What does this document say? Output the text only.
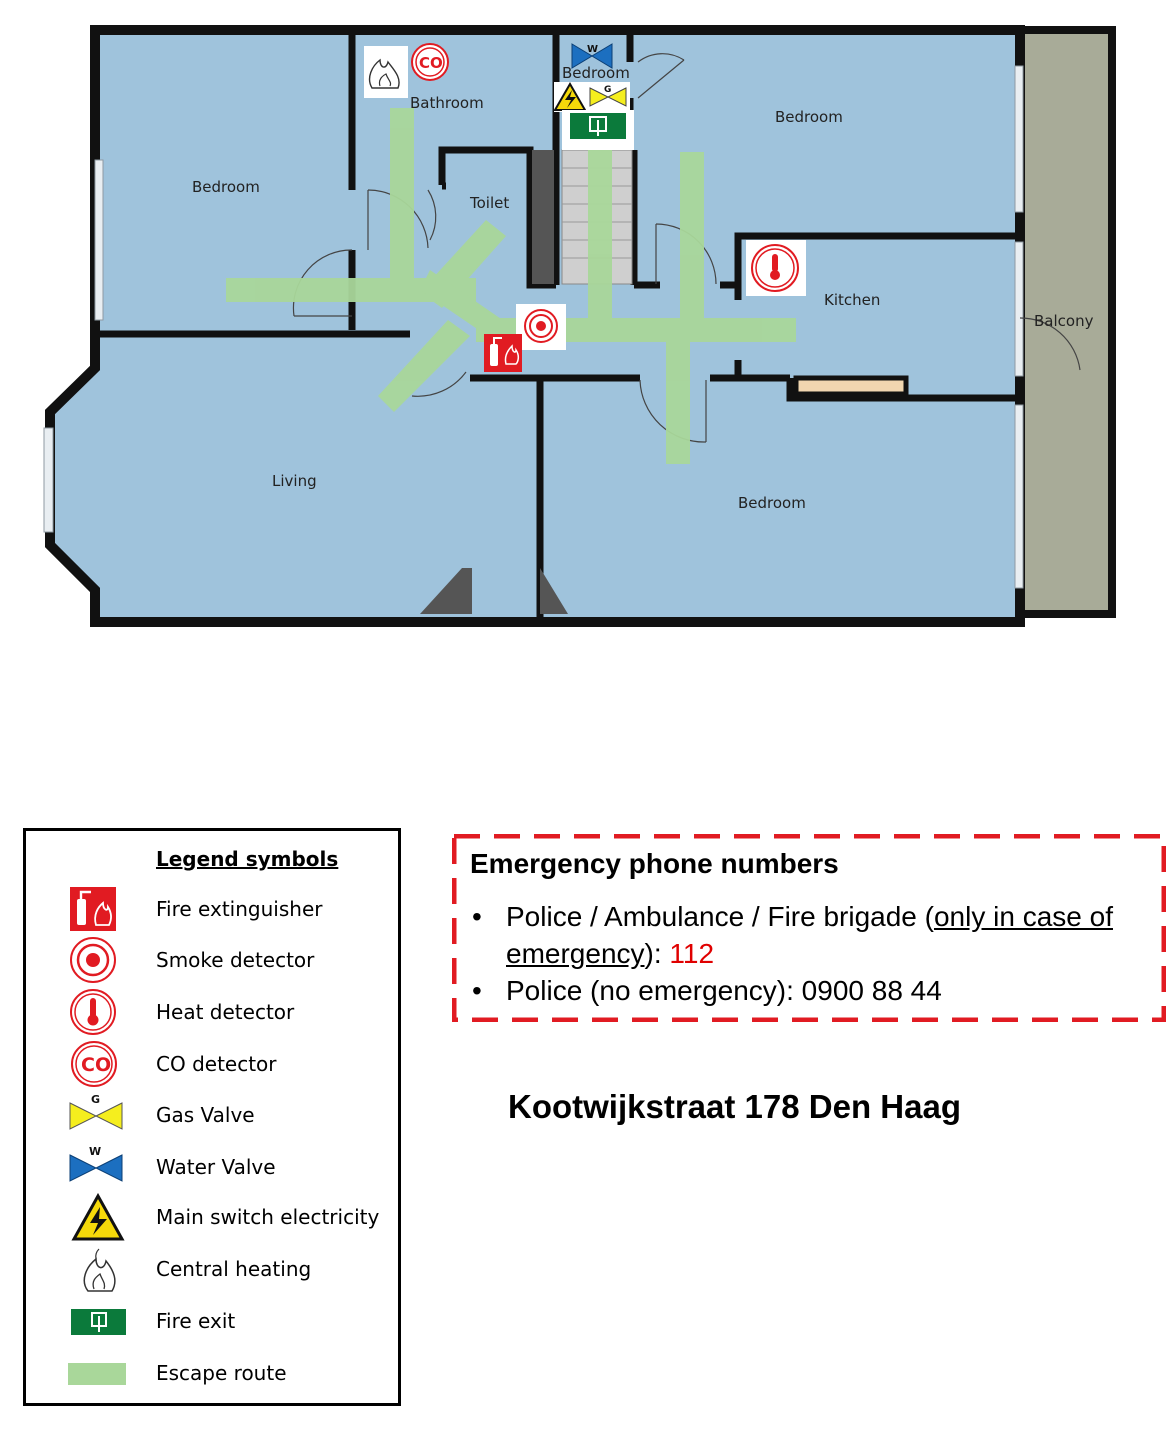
Bedroom
Bathroom
Bedroom
Bedroom
Toilet
Kitchen
Balcony
Living
Bedroom
CO
W
G
Legend symbols
Fire extinguisher
Smoke detector
Heat detector
CO CO detector
G
Gas Valve
W
Water Valve
Main switch electricity
Central heating
Fire exit
Escape route
Emergency phone numbers
• Police / Ambulance / Fire brigade (only in case of emergency): 112
• Police (no emergency): 0900 88 44
Kootwijkstraat 178 Den Haag
